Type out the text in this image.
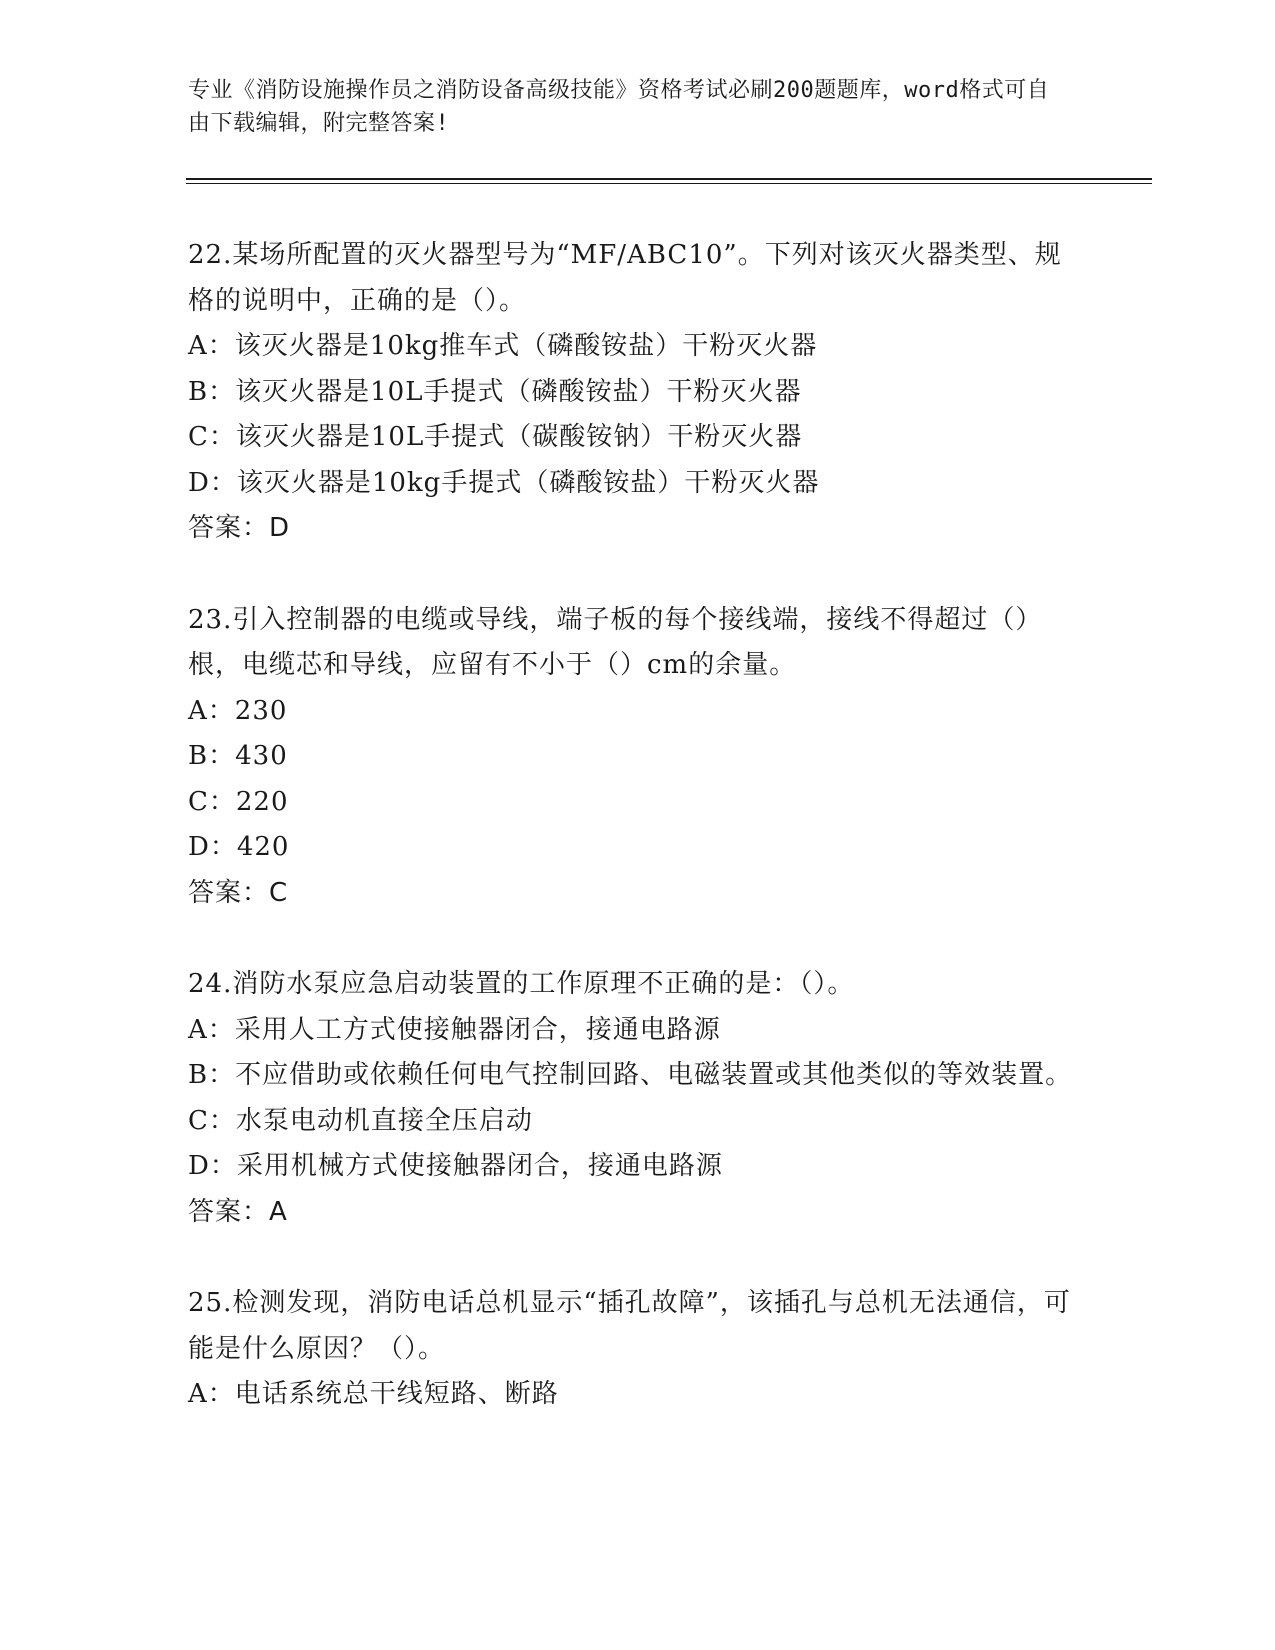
专业《消防设施操作员之消防设备高级技能》资格考试必刷200题题库，word格式可自由下载编辑，附完整答案!

22.某场所配置的灭火器型号为“MF/ABC10”。下列对该灭火器类型、规格的说明中，正确的是（）。

A：该灭火器是10kg推车式（磷酸铵盐）干粉灭火器

B：该灭火器是10L手提式（磷酸铵盐）干粉灭火器

C：该灭火器是10L手提式（碳酸铵钠）干粉灭火器

D：该灭火器是10kg手提式（磷酸铵盐）干粉灭火器

答案：D

23.引入控制器的电缆或导线，端子板的每个接线端，接线不得超过（）根，电缆芯和导线，应留有不小于（）cm的余量。

A：230

B：430

C：220

D：420

答案：C

24.消防水泵应急启动装置的工作原理不正确的是：（）。

A：采用人工方式使接触器闭合，接通电路源

B：不应借助或依赖任何电气控制回路、电磁装置或其他类似的等效装置。

C：水泵电动机直接全压启动

D：采用机械方式使接触器闭合，接通电路源

答案：A

25.检测发现，消防电话总机显示“插孔故障”，该插孔与总机无法通信，可能是什么原因？（）。

A：电话系统总干线短路、断路
